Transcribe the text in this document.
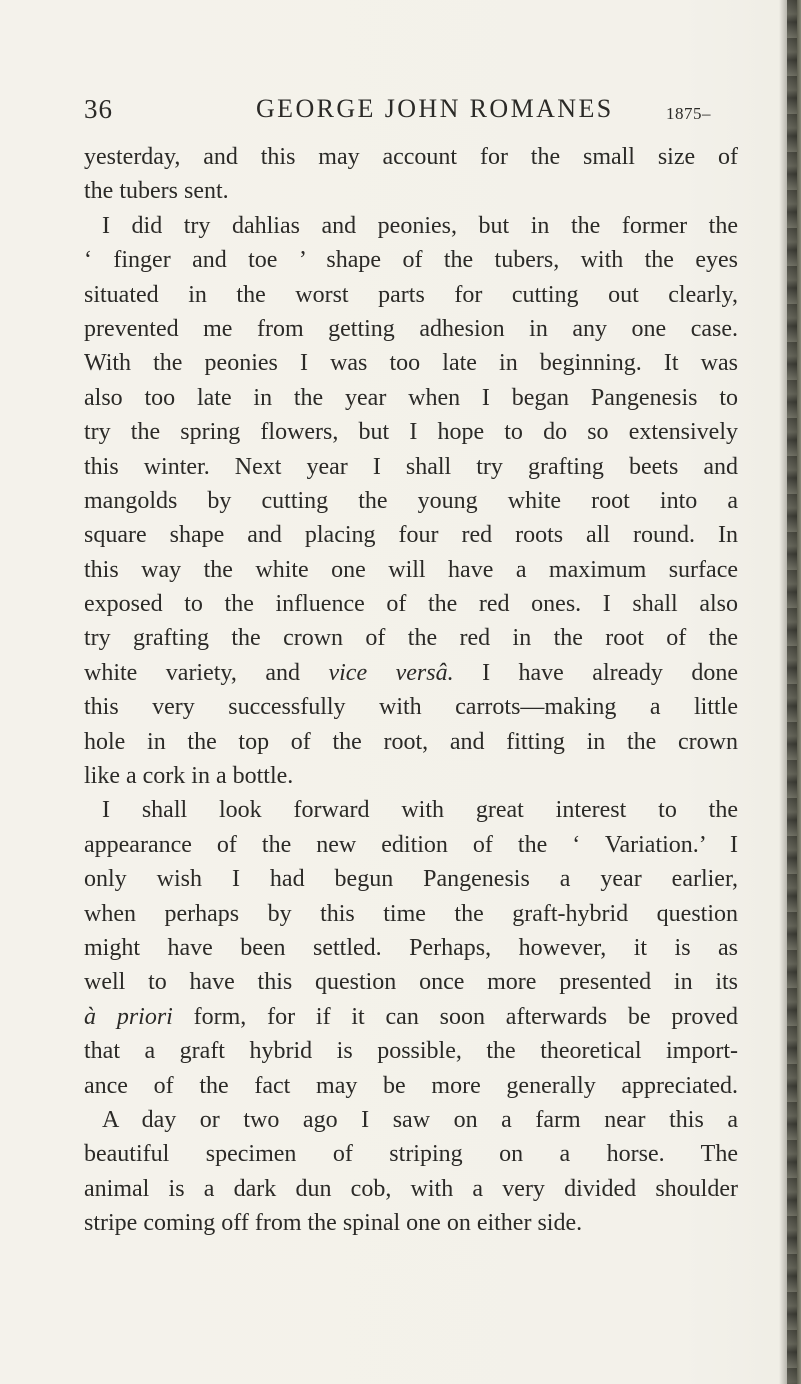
36	GEORGE JOHN ROMANES	1875–
yesterday, and this may account for the small size of
the tubers sent.
I did try dahlias and peonies, but in the former the
‘ finger and toe ’ shape of the tubers, with the eyes
situated in the worst parts for cutting out clearly,
prevented me from getting adhesion in any one case.
With the peonies I was too late in beginning. It was
also too late in the year when I began Pangenesis to
try the spring flowers, but I hope to do so extensively
this winter. Next year I shall try grafting beets and
mangolds by cutting the young white root into a
square shape and placing four red roots all round. In
this way the white one will have a maximum surface
exposed to the influence of the red ones. I shall also
try grafting the crown of the red in the root of the
white variety, and vice versâ. I have already done
this very successfully with carrots—making a little
hole in the top of the root, and fitting in the crown
like a cork in a bottle.
I shall look forward with great interest to the
appearance of the new edition of the ‘ Variation.’ I
only wish I had begun Pangenesis a year earlier,
when perhaps by this time the graft-hybrid question
might have been settled. Perhaps, however, it is as
well to have this question once more presented in its
à priori form, for if it can soon afterwards be proved
that a graft hybrid is possible, the theoretical import-
ance of the fact may be more generally appreciated.
A day or two ago I saw on a farm near this a
beautiful specimen of striping on a horse. The
animal is a dark dun cob, with a very divided shoulder
stripe coming off from the spinal one on either side.
